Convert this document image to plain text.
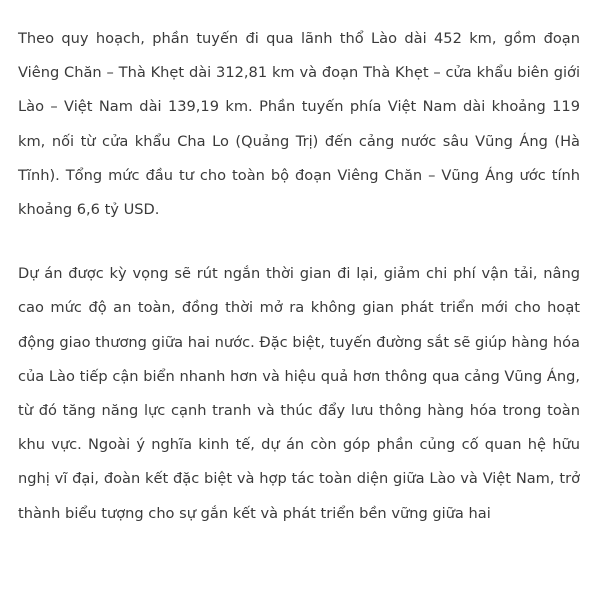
Theo quy hoạch, phần tuyến đi qua lãnh thổ Lào dài 452 km, gồm đoạn Viêng Chăn – Thà Khẹt dài 312,81 km và đoạn Thà Khẹt – cửa khẩu biên giới Lào – Việt Nam dài 139,19 km. Phần tuyến phía Việt Nam dài khoảng 119 km, nối từ cửa khẩu Cha Lo (Quảng Trị) đến cảng nước sâu Vũng Áng (Hà Tĩnh). Tổng mức đầu tư cho toàn bộ đoạn Viêng Chăn – Vũng Áng ước tính khoảng 6,6 tỷ USD.

Dự án được kỳ vọng sẽ rút ngắn thời gian đi lại, giảm chi phí vận tải, nâng cao mức độ an toàn, đồng thời mở ra không gian phát triển mới cho hoạt động giao thương giữa hai nước. Đặc biệt, tuyến đường sắt sẽ giúp hàng hóa của Lào tiếp cận biển nhanh hơn và hiệu quả hơn thông qua cảng Vũng Áng, từ đó tăng năng lực cạnh tranh và thúc đẩy lưu thông hàng hóa trong toàn khu vực. Ngoài ý nghĩa kinh tế, dự án còn góp phần củng cố quan hệ hữu nghị vĩ đại, đoàn kết đặc biệt và hợp tác toàn diện giữa Lào và Việt Nam, trở thành biểu tượng cho sự gắn kết và phát triển bền vững giữa hai
